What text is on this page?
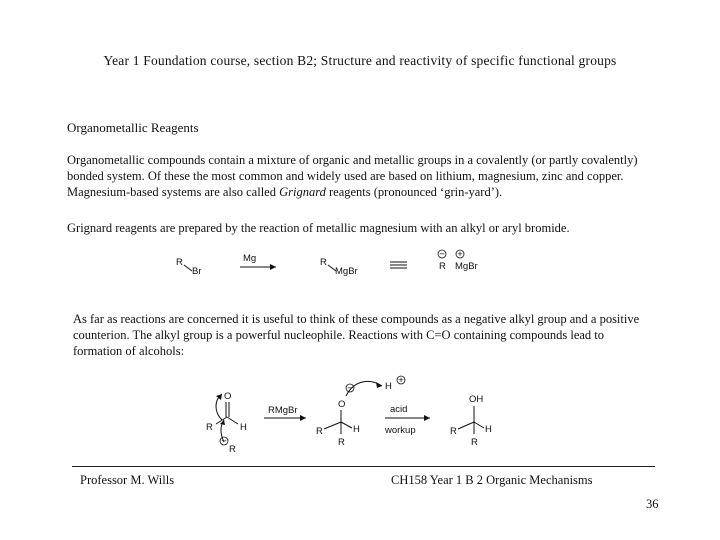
Year 1 Foundation course, section B2; Structure and reactivity of specific functional groups
Organometallic Reagents
Organometallic compounds contain a mixture of organic and metallic groups in a covalently (or partly covalently) bonded system. Of these the most common and widely used are based on lithium, magnesium, zinc and copper. Magnesium-based systems are also called Grignard reagents (pronounced ‘grin-yard’).
Grignard reagents are prepared by the reaction of metallic magnesium with an alkyl or aryl bromide.
R
Br
Mg	R
MgBr
− +
R MgBr
As far as reactions are concerned it is useful to think of these compounds as a negative alkyl group and a positive counterion. The alkyl group is a powerful nucleophile. Reactions with C=O containing compounds lead to formation of alcohols:
O
R	H
−
R
RMgBr
−
O
H
+
R	H
R
acid
workup
OH
R	H
R
Professor M. Wills	CH158 Year 1 B 2 Organic Mechanisms
36
